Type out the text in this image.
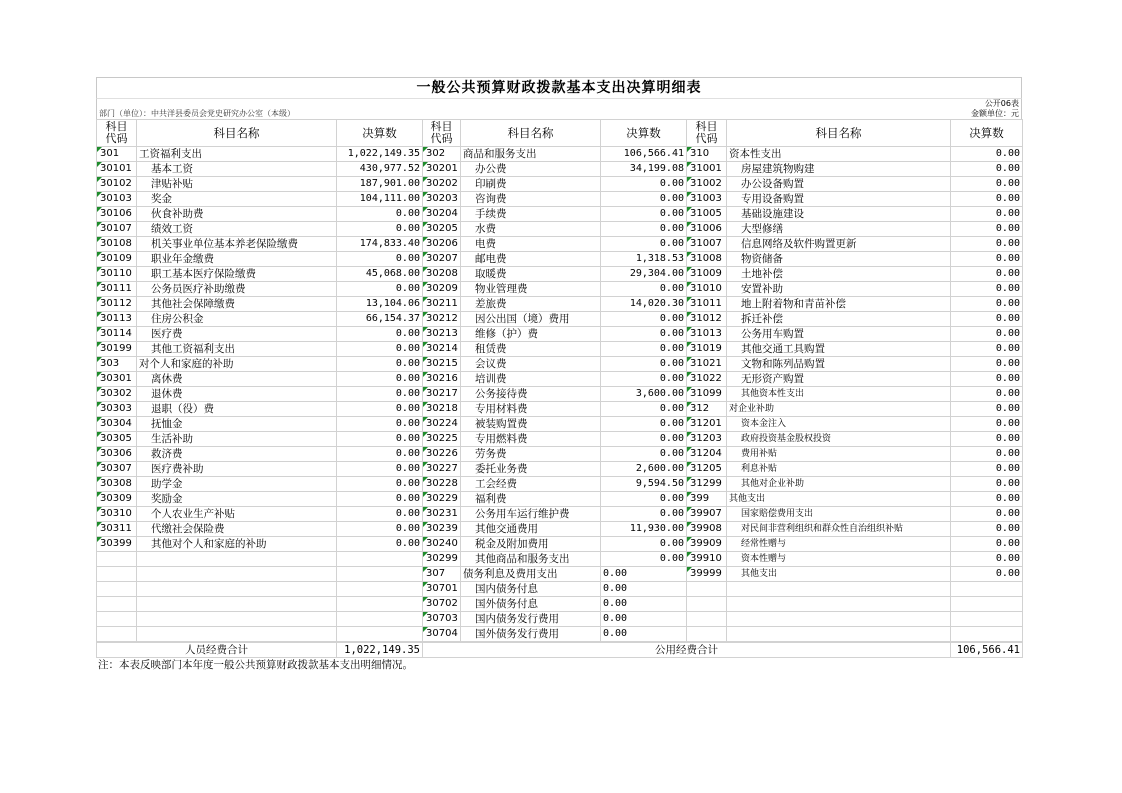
一般公共预算财政拨款基本支出决算明细表
公开06表
部门（单位）：中共洋县委员会党史研究办公室（本级）	金额单位：元
科目
代码	科目名称	决算数	科目
代码	科目名称	决算数	科目
代码	科目名称	决算数
301	工资福利支出	1,022,149.35	302	商品和服务支出	106,566.41	310	资本性支出	0.00
30101	基本工资	430,977.52	30201	办公费	34,199.08	31001	房屋建筑物购建	0.00
30102	津贴补贴	187,901.00	30202	印刷费	0.00	31002	办公设备购置	0.00
30103	奖金	104,111.00	30203	咨询费	0.00	31003	专用设备购置	0.00
30106	伙食补助费	0.00	30204	手续费	0.00	31005	基础设施建设	0.00
30107	绩效工资	0.00	30205	水费	0.00	31006	大型修缮	0.00
30108	机关事业单位基本养老保险缴费	174,833.40	30206	电费	0.00	31007	信息网络及软件购置更新	0.00
30109	职业年金缴费	0.00	30207	邮电费	1,318.53	31008	物资储备	0.00
30110	职工基本医疗保险缴费	45,068.00	30208	取暖费	29,304.00	31009	土地补偿	0.00
30111	公务员医疗补助缴费	0.00	30209	物业管理费	0.00	31010	安置补助	0.00
30112	其他社会保障缴费	13,104.06	30211	差旅费	14,020.30	31011	地上附着物和青苗补偿	0.00
30113	住房公积金	66,154.37	30212	因公出国（境）费用	0.00	31012	拆迁补偿	0.00
30114	医疗费	0.00	30213	维修（护）费	0.00	31013	公务用车购置	0.00
30199	其他工资福利支出	0.00	30214	租赁费	0.00	31019	其他交通工具购置	0.00
303	对个人和家庭的补助	0.00	30215	会议费	0.00	31021	文物和陈列品购置	0.00
30301	离休费	0.00	30216	培训费	0.00	31022	无形资产购置	0.00
30302	退休费	0.00	30217	公务接待费	3,600.00	31099	其他资本性支出	0.00
30303	退职（役）费	0.00	30218	专用材料费	0.00	312	对企业补助	0.00
30304	抚恤金	0.00	30224	被装购置费	0.00	31201	资本金注入	0.00
30305	生活补助	0.00	30225	专用燃料费	0.00	31203	政府投资基金股权投资	0.00
30306	救济费	0.00	30226	劳务费	0.00	31204	费用补贴	0.00
30307	医疗费补助	0.00	30227	委托业务费	2,600.00	31205	利息补贴	0.00
30308	助学金	0.00	30228	工会经费	9,594.50	31299	其他对企业补助	0.00
30309	奖励金	0.00	30229	福利费	0.00	399	其他支出	0.00
30310	个人农业生产补贴	0.00	30231	公务用车运行维护费	0.00	39907	国家赔偿费用支出	0.00
30311	代缴社会保险费	0.00	30239	其他交通费用	11,930.00	39908	对民间非营利组织和群众性自治组织补贴	0.00
30399	其他对个人和家庭的补助	0.00	30240	税金及附加费用	0.00	39909	经常性赠与	0.00
			30299	其他商品和服务支出	0.00	39910	资本性赠与	0.00
			307	债务利息及费用支出	0.00	39999	其他支出	0.00
			30701	国内债务付息	0.00			
			30702	国外债务付息	0.00			
			30703	国内债务发行费用	0.00			
			30704	国外债务发行费用	0.00			
人员经费合计	1,022,149.35	公用经费合计	106,566.41
注：本表反映部门本年度一般公共预算财政拨款基本支出明细情况。
